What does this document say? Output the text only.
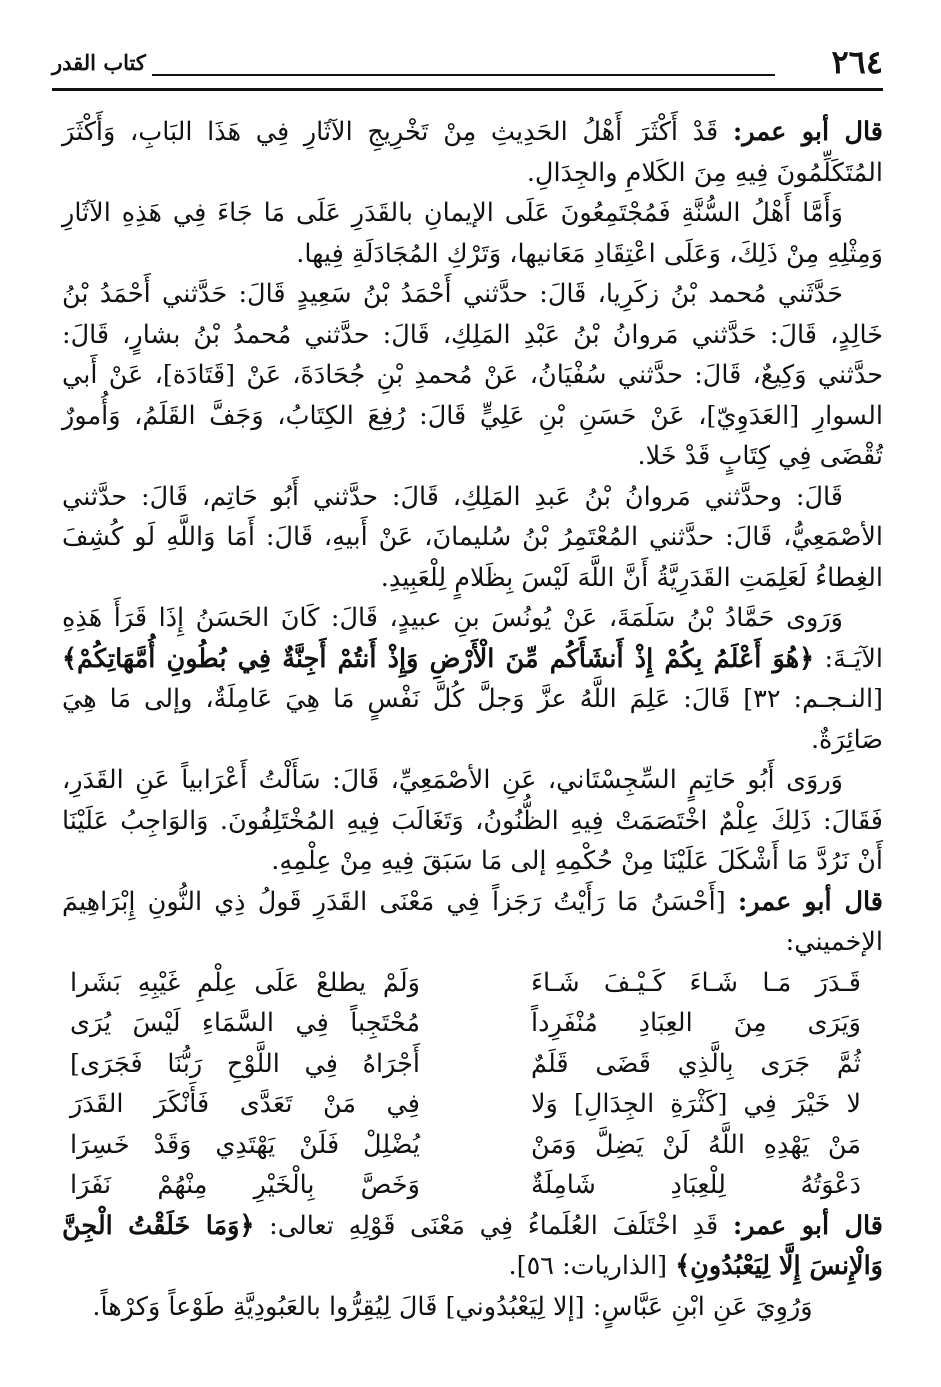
٢٦٤
كتاب القدر

قال أبو عمر: قَدْ أَكْثَرَ أَهْلُ الحَدِيثِ مِنْ تَخْرِيجِ الآثَارِ فِي هَذَا البَابِ، وَأَكْثَرَ المُتَكَلِّمُونَ فِيهِ مِنَ الكَلامِ والجِدَالِ.

وَأَمَّا أَهْلُ السُّنَّةِ فَمُجْتَمِعُونَ عَلَى الإيمانِ بالقَدَرِ عَلَى مَا جَاءَ فِي هَذِهِ الآثَارِ وَمِثْلِهِ مِنْ ذَلِكَ، وَعَلَى اعْتِقَادِ مَعَانيها، وَتَرْكِ المُجَادَلَةِ فِيها.

حَدَّثَني مُحمد بْنُ زكَرِيا، قَالَ: حدَّثني أَحْمَدُ بْنُ سَعِيدٍ قَالَ: حَدَّثني أَحْمَدُ بْنُ خَالِدٍ، قَالَ: حَدَّثني مَروانُ بْنُ عَبْدِ المَلِكِ، قَالَ: حدَّثني مُحمدُ بْنُ بشارٍ، قَالَ: حدَّثني وَكِيعٌ، قَالَ: حدَّثني سُفْيَانُ، عَنْ مُحمدِ بْنِ جُحَادَةَ، عَنْ [قَتَادَة]، عَنْ أَبي السوارِ [العَدَوِيّ]، عَنْ حَسَنِ بْنِ عَلِيٍّ قَالَ: رُفِعَ الكِتَابُ، وَجَفَّ القَلَمُ، وَأُمورٌ تُقْضَى فِي كِتَابٍ قَدْ خَلا.

قَالَ: وحدَّثني مَروانُ بْنُ عَبدِ المَلِكِ، قَالَ: حدَّثني أَبُو حَاتِم، قَالَ: حدَّثني الأصْمَعِيُّ، قَالَ: حدَّثني المُعْتَمِرُ بْنُ سُليمانَ، عَنْ أَبيهِ، قَالَ: أَمَا وَاللَّهِ لَو كُشِفَ الغِطاءُ لَعَلِمَتِ القَدَرِيَّةُ أَنَّ اللَّهَ لَيْسَ بِظَلامٍ لِلْعَبِيدِ.

وَرَوى حَمَّادُ بْنُ سَلَمَةَ، عَنْ يُونُسَ بنِ عبيدٍ، قَالَ: كَانَ الحَسَنُ إِذَا قَرَأَ هَذِهِ الآيَـةَ: ﴿هُوَ أَعْلَمُ بِكُمْ إِذْ أَنشَأَكُم مِّنَ الْأَرْضِ وَإِذْ أَنتُمْ أَجِنَّةٌ فِي بُطُونِ أُمَّهَاتِكُمْ﴾ [النـجـم: ٣٢] قَالَ: عَلِمَ اللَّهُ عزَّ وَجلَّ كُلَّ نَفْسٍ مَا هِيَ عَامِلَةٌ، وإلى مَا هِيَ صَائِرَةٌ.

وَروَى أَبُو حَاتِمٍ السِّجِسْتَاني، عَنِ الأصْمَعِيِّ، قَالَ: سَأَلْتُ أَعْرَابياً عَنِ القَدَرِ، فَقَالَ: ذَلِكَ عِلْمٌ اخْتَصَمَتْ فِيهِ الظُّنُونُ، وَتَغَالَبَ فِيهِ المُخْتَلِفُونَ. وَالوَاجِبُ عَلَيْنَا أَنْ نَرُدَّ مَا أَشْكَلَ عَلَيْنَا مِنْ حُكْمِهِ إلى مَا سَبَقَ فِيهِ مِنْ عِلْمِهِ.

قال أبو عمر: [أَحْسَنُ مَا رَأَيْتُ رَجَزاً فِي مَعْنَى القَدَرِ قَولُ ذِي النُّونِ إِبْرَاهِيمَ الإخميني:

قَـدَرَ مَـا شَـاءَ كَـيْـفَ شَـاءَ
وَلَمْ يطلعْ عَلَى عِلْمِ غَيْبِهِ بَشَرا
وَيَرَى مِنَ العِبَادِ مُنْفَرِداً
مُحْتَجِباً فِي السَّمَاءِ لَيْسَ يُرَى
ثُمَّ جَرَى بِالَّذِي قَضَى قَلَمٌ
أَجْرَاهُ فِي اللَّوْحِ رَبُّنَا فَجَرَى]
لا خَيْرَ فِي [كَثْرَةِ الجِدَالِ] وَلا
فِي مَنْ تَعَدَّى فَأَنْكَرَ القَدَرَ
مَنْ يَهْدِهِ اللَّهُ لَنْ يَضِلَّ وَمَنْ
يُضْلِلْ فَلَنْ يَهْتَدِي وَقَدْ خَسِرَا
دَعْوَتُهُ لِلْعِبَادِ شَامِلَةٌ
وَخَصَّ بِالْخَيْرِ مِنْهُمْ نَفَرَا

قال أبو عمر: قَدِ اخْتَلَفَ العُلَماءُ فِي مَعْنَى قَوْلِهِ تعالى: ﴿وَمَا خَلَقْتُ الْجِنَّ وَالْإِنسَ إِلَّا لِيَعْبُدُونِ﴾ [الذاريات: ٥٦].

وَرُوِيَ عَنِ ابْنِ عَبَّاسٍ: [إلا لِيَعْبُدُوني] قَالَ لِيُقِرُّوا بالعَبُودِيَّةِ طَوْعاً وَكرْهاً.
